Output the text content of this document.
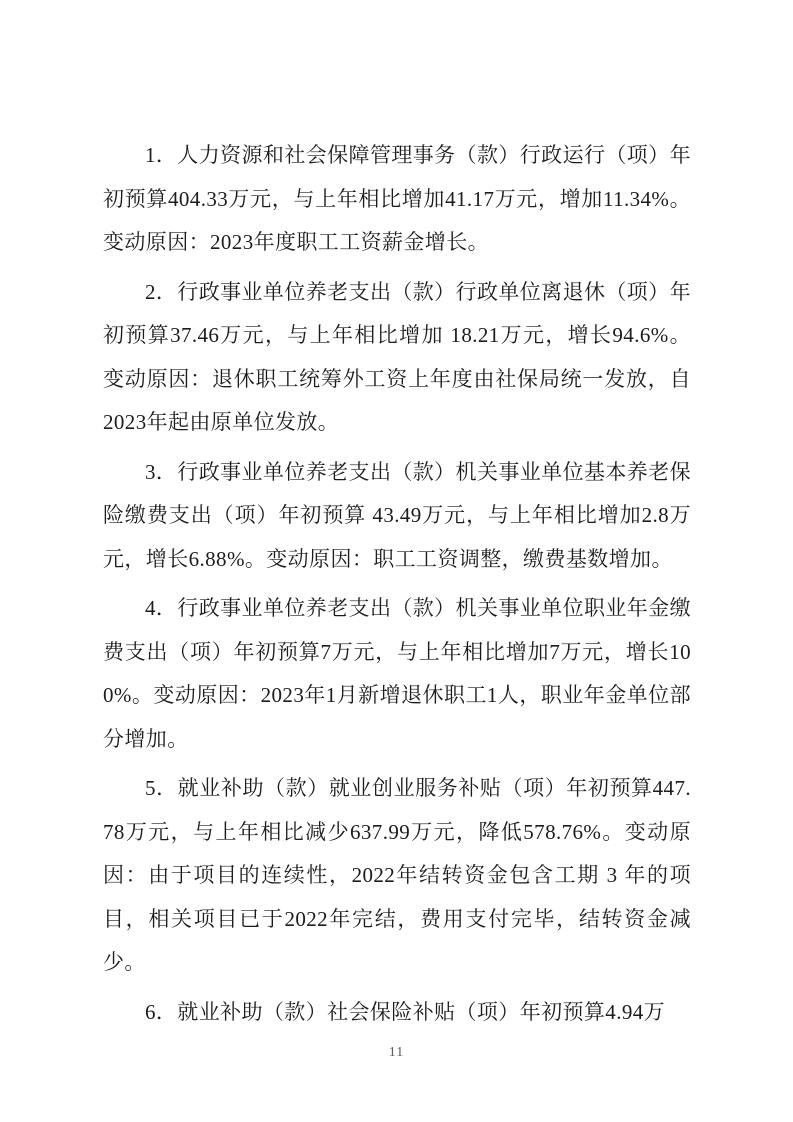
1．人力资源和社会保障管理事务（款）行政运行（项）年初预算404.33万元，与上年相比增加41.17万元，增加11.34%。变动原因：2023年度职工工资薪金增长。

2．行政事业单位养老支出（款）行政单位离退休（项）年初预算37.46万元，与上年相比增加 18.21万元，增长94.6%。变动原因：退休职工统筹外工资上年度由社保局统一发放，自2023年起由原单位发放。

3．行政事业单位养老支出（款）机关事业单位基本养老保险缴费支出（项）年初预算 43.49万元，与上年相比增加2.8万元，增长6.88%。变动原因：职工工资调整，缴费基数增加。

4．行政事业单位养老支出（款）机关事业单位职业年金缴费支出（项）年初预算7万元，与上年相比增加7万元，增长100%。变动原因：2023年1月新增退休职工1人，职业年金单位部分增加。

5．就业补助（款）就业创业服务补贴（项）年初预算447.78万元，与上年相比减少637.99万元，降低578.76%。变动原因：由于项目的连续性，2022年结转资金包含工期 3 年的项目，相关项目已于2022年完结，费用支付完毕，结转资金减少。

6．就业补助（款）社会保险补贴（项）年初预算4.94万

11
